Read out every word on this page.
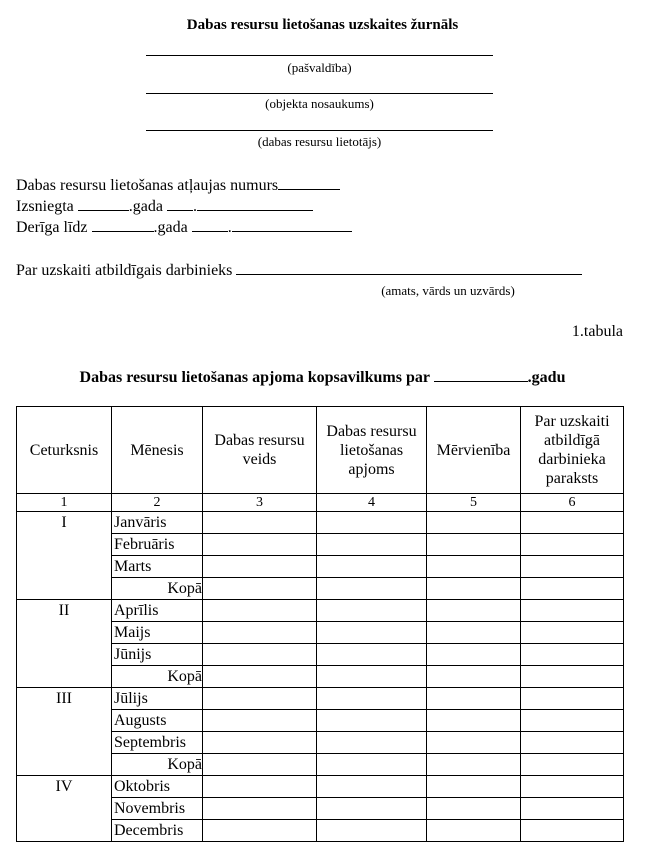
Dabas resursu lietošanas uzskaites žurnāls
(pašvaldība)
(objekta nosaukums)
(dabas resursu lietotājs)
Dabas resursu lietošanas atļaujas numurs
Izsniegta	.gada .
Derīga līdz	.gada	.
Par uzskaiti atbildīgais darbinieks
(amats, vārds un uzvārds)
1.tabula
Dabas resursu lietošanas apjoma kopsavilkums par	.gadu
Ceturksnis	Mēnesis	Dabas resursu veids	Dabas resursu lietošanas apjoms	Mērvienība	Par uzskaiti atbildīgā darbinieka paraksts
1	2	3	4	5	6
I	Janvāris				
	Februāris				
	Marts				
	Kopā				
II	Aprīlis				
	Maijs				
	Jūnijs				
	Kopā				
III	Jūlijs				
	Augusts				
	Septembris				
	Kopā				
IV	Oktobris				
	Novembris				
	Decembris				
